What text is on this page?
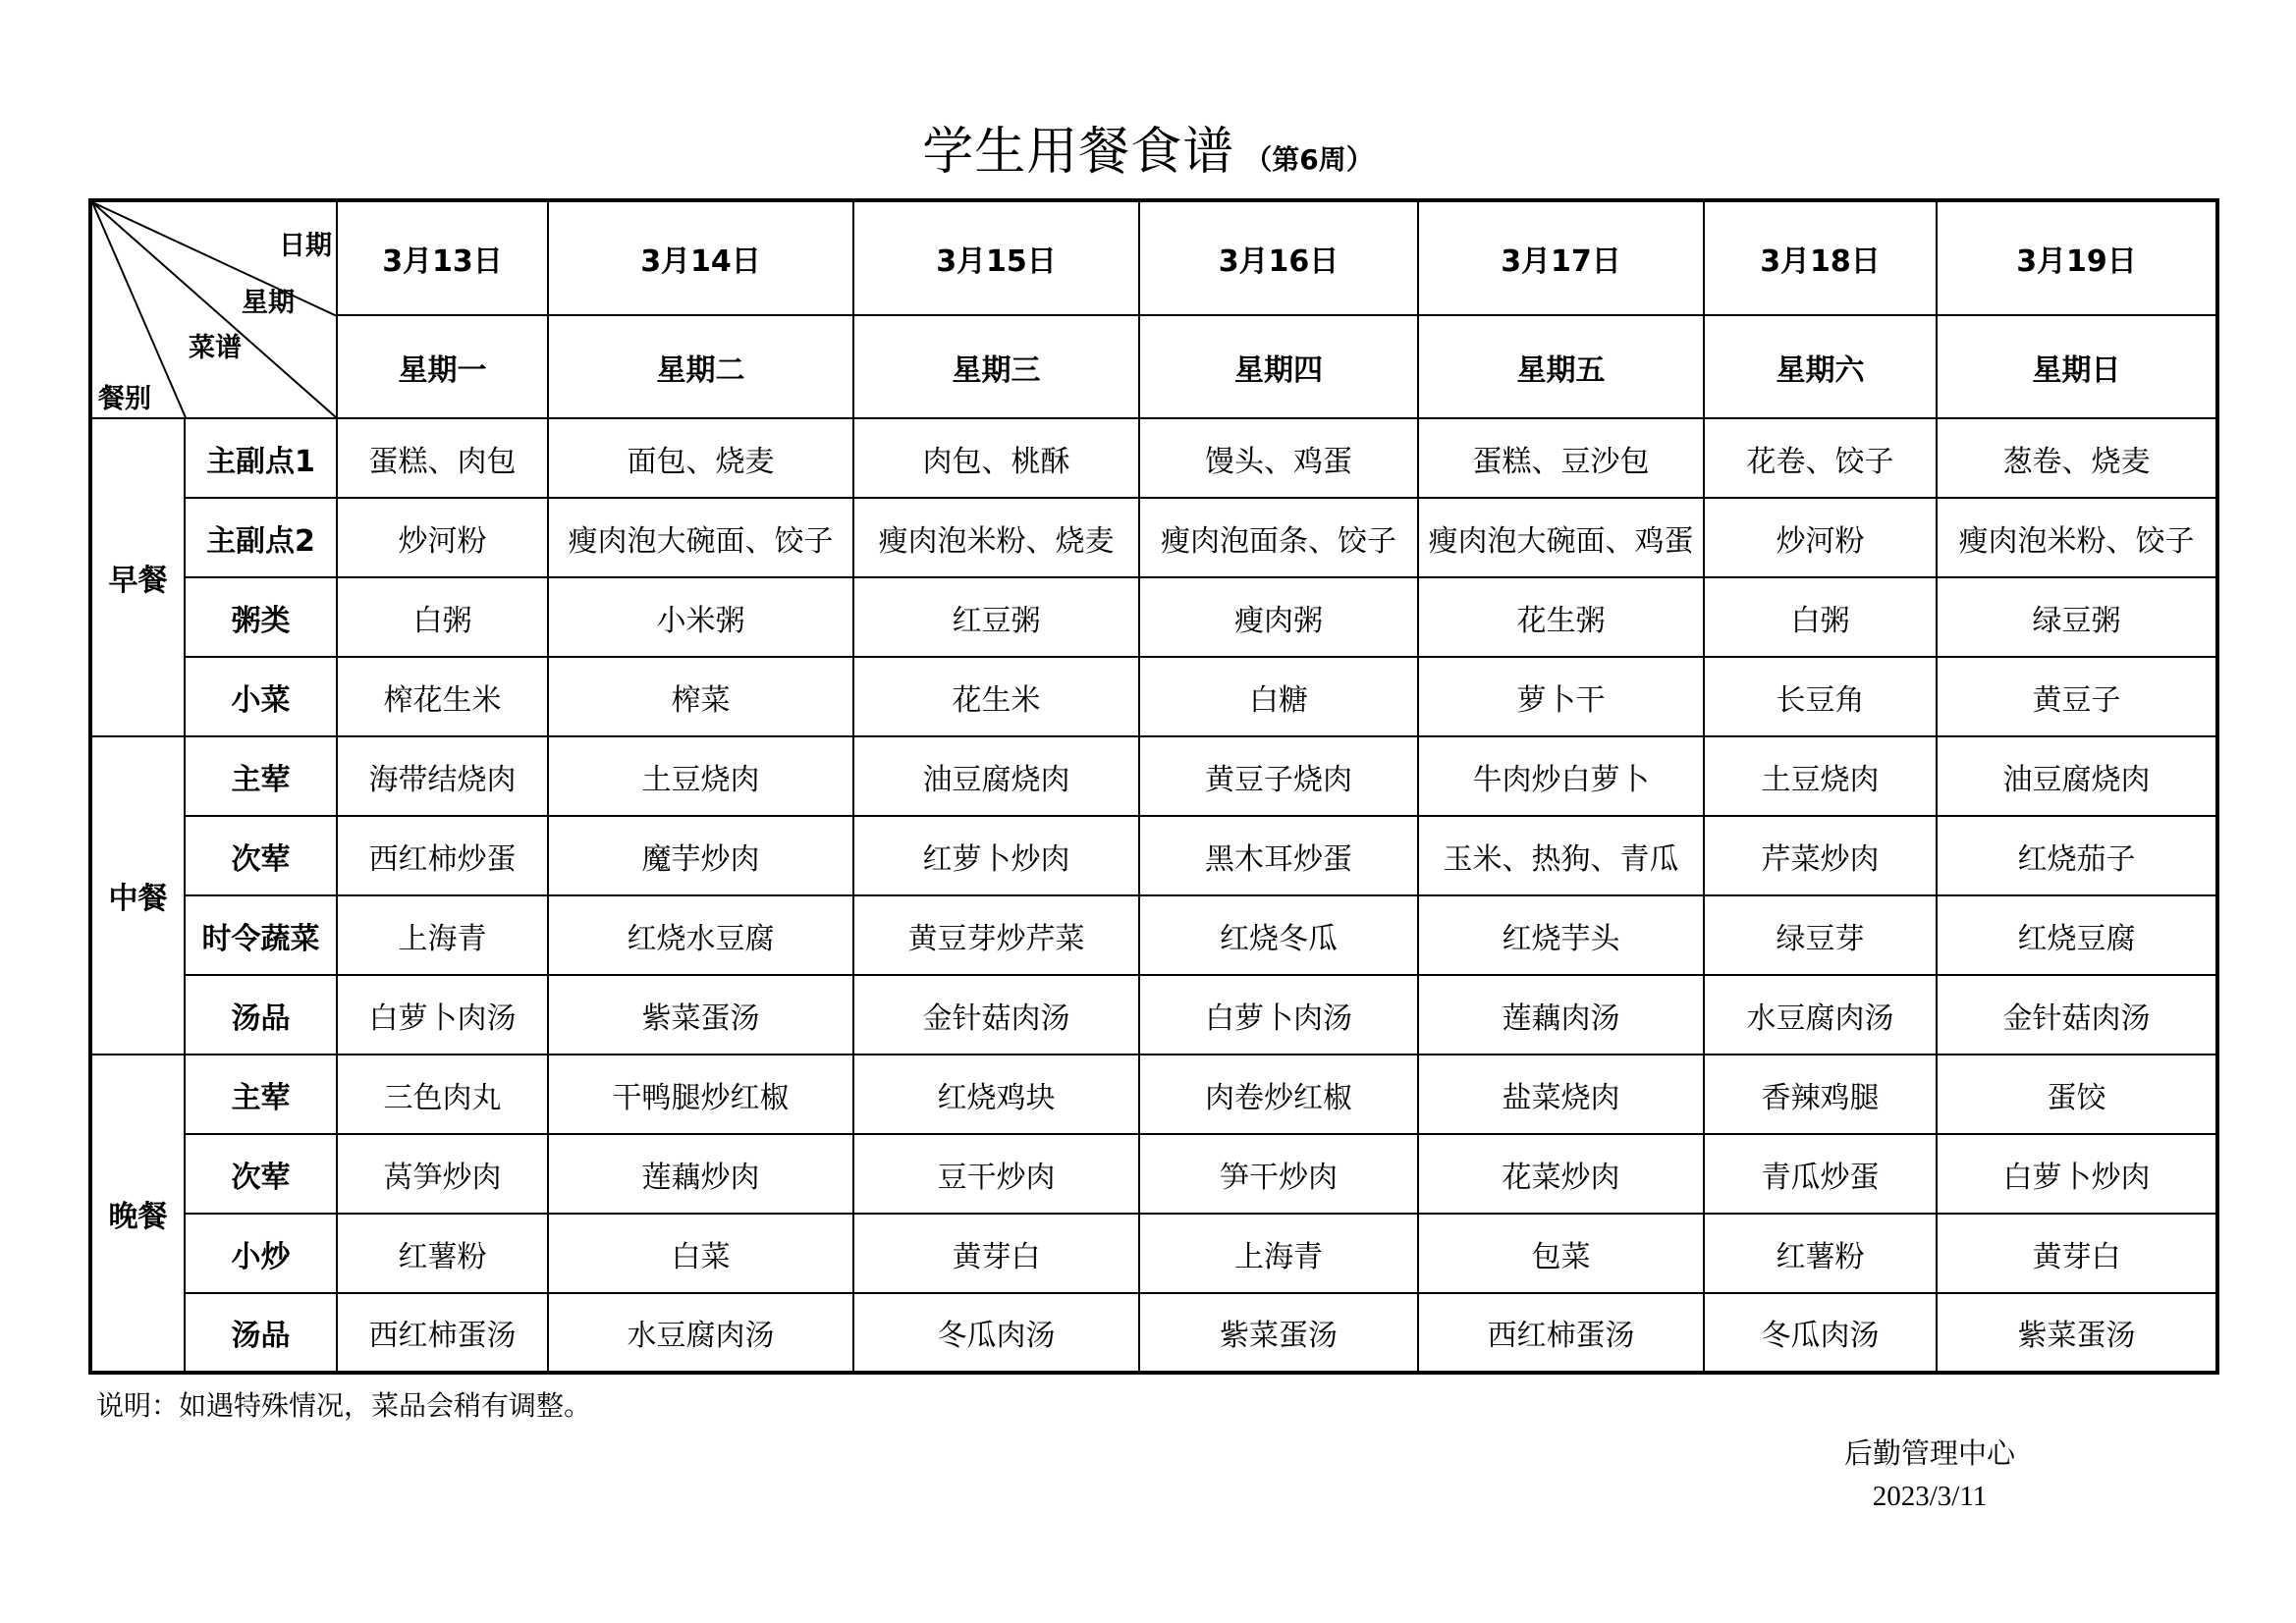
学生用餐食谱 （第6周）
日期
星期
菜谱
餐别		3月13日	3月14日	3月15日	3月16日	3月17日	3月18日	3月19日
		星期一	星期二	星期三	星期四	星期五	星期六	星期日
早餐	主副点1	蛋糕、肉包	面包、烧麦	肉包、桃酥	馒头、鸡蛋	蛋糕、豆沙包	花卷、饺子	葱卷、烧麦
	主副点2	炒河粉	瘦肉泡大碗面、饺子	瘦肉泡米粉、烧麦	瘦肉泡面条、饺子	瘦肉泡大碗面、鸡蛋	炒河粉	瘦肉泡米粉、饺子
	粥类	白粥	小米粥	红豆粥	瘦肉粥	花生粥	白粥	绿豆粥
	小菜	榨花生米	榨菜	花生米	白糖	萝卜干	长豆角	黄豆子
中餐	主荤	海带结烧肉	土豆烧肉	油豆腐烧肉	黄豆子烧肉	牛肉炒白萝卜	土豆烧肉	油豆腐烧肉
	次荤	西红柿炒蛋	魔芋炒肉	红萝卜炒肉	黑木耳炒蛋	玉米、热狗、青瓜	芹菜炒肉	红烧茄子
	时令蔬菜	上海青	红烧水豆腐	黄豆芽炒芹菜	红烧冬瓜	红烧芋头	绿豆芽	红烧豆腐
	汤品	白萝卜肉汤	紫菜蛋汤	金针菇肉汤	白萝卜肉汤	莲藕肉汤	水豆腐肉汤	金针菇肉汤
晚餐	主荤	三色肉丸	干鸭腿炒红椒	红烧鸡块	肉卷炒红椒	盐菜烧肉	香辣鸡腿	蛋饺
	次荤	莴笋炒肉	莲藕炒肉	豆干炒肉	笋干炒肉	花菜炒肉	青瓜炒蛋	白萝卜炒肉
	小炒	红薯粉	白菜	黄芽白	上海青	包菜	红薯粉	黄芽白
	汤品	西红柿蛋汤	水豆腐肉汤	冬瓜肉汤	紫菜蛋汤	西红柿蛋汤	冬瓜肉汤	紫菜蛋汤
说明：如遇特殊情况，菜品会稍有调整。
后勤管理中心
2023/3/11
